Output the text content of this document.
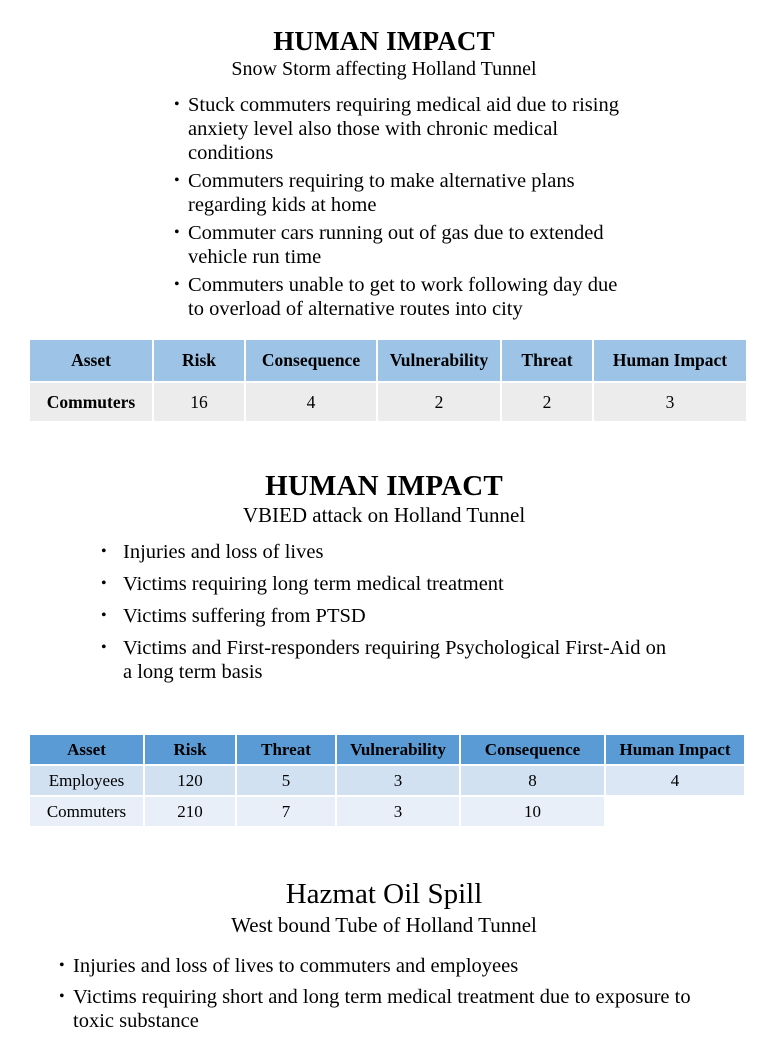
HUMAN IMPACT
Snow Storm affecting Holland Tunnel
• Stuck commuters requiring medical aid due to rising anxiety level also those with chronic medical conditions
• Commuters requiring to make alternative plans regarding kids at home
• Commuter cars running out of gas due to extended vehicle run time
• Commuters unable to get to work following day due to overload of alternative routes into city
Asset	Risk	Consequence	Vulnerability	Threat	Human Impact
Commuters	16	4	2	2	3
HUMAN IMPACT
VBIED attack on Holland Tunnel
• Injuries and loss of lives
• Victims requiring long term medical treatment
• Victims suffering from PTSD
• Victims and First-responders requiring Psychological First-Aid on a long term basis
Asset	Risk	Threat	Vulnerability	Consequence	Human Impact
Employees	120	5	3	8	4
Commuters	210	7	3	10	
Hazmat Oil Spill
West bound Tube of Holland Tunnel
• Injuries and loss of lives to commuters and employees
• Victims requiring short and long term medical treatment due to exposure to toxic substance
